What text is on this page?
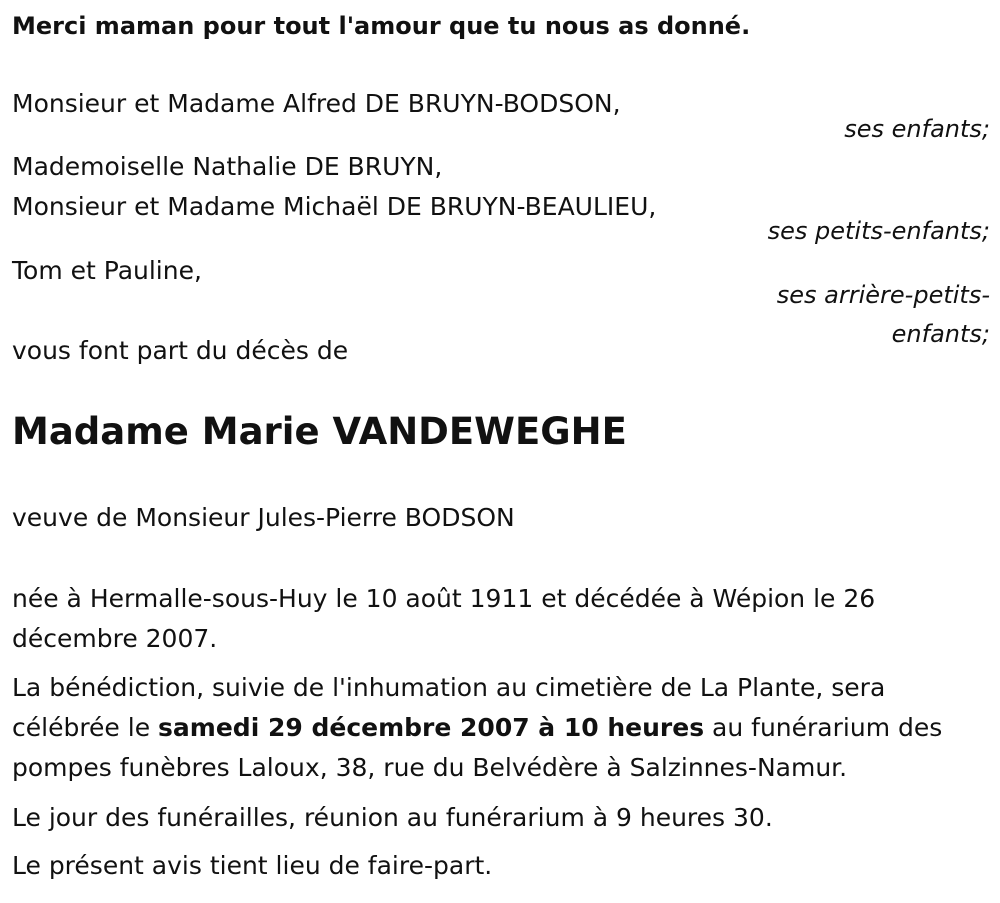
Merci maman pour tout l'amour que tu nous as donné.

Monsieur et Madame Alfred DE BRUYN-BODSON,

ses enfants;

Mademoiselle Nathalie DE BRUYN,

Monsieur et Madame Michaël DE BRUYN-BEAULIEU,

ses petits-enfants;

Tom et Pauline,

ses arrière-petits-

enfants;

vous font part du décès de

Madame Marie VANDEWEGHE

veuve de Monsieur Jules-Pierre BODSON

née à Hermalle-sous-Huy le 10 août 1911 et décédée à Wépion le 26 décembre 2007.

La bénédiction, suivie de l'inhumation au cimetière de La Plante, sera célébrée le samedi 29 décembre 2007 à 10 heures au funérarium des pompes funèbres Laloux, 38, rue du Belvédère à Salzinnes-Namur.

Le jour des funérailles, réunion au funérarium à 9 heures 30.

Le présent avis tient lieu de faire-part.
